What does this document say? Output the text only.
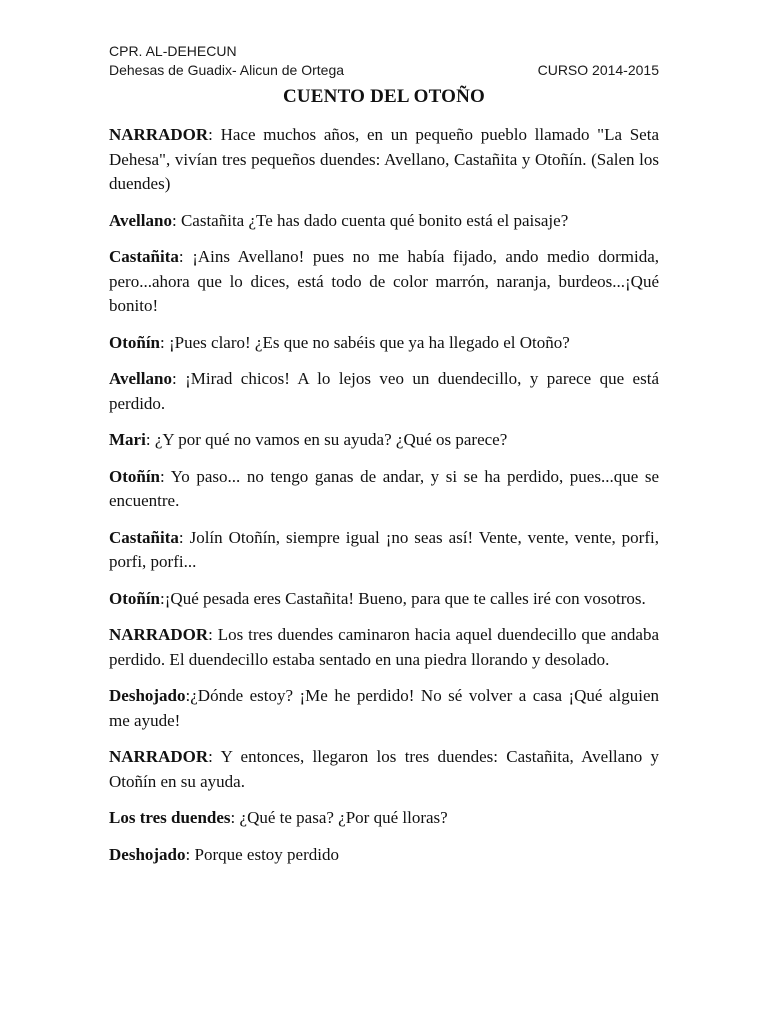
CPR. AL-DEHECUN
Dehesas de Guadix- Alicun de Ortega	CURSO 2014-2015
CUENTO DEL OTOÑO

NARRADOR: Hace muchos años, en un pequeño pueblo llamado "La Seta Dehesa", vivían tres pequeños duendes: Avellano, Castañita y Otoñín. (Salen los duendes)

Avellano: Castañita ¿Te has dado cuenta qué bonito está el paisaje?

Castañita: ¡Ains Avellano! pues no me había fijado, ando medio dormida, pero...ahora que lo dices, está todo de color marrón, naranja, burdeos...¡Qué bonito!

Otoñín: ¡Pues claro! ¿Es que no sabéis que ya ha llegado el Otoño?

Avellano: ¡Mirad chicos! A lo lejos veo un duendecillo, y parece que está perdido.

Mari: ¿Y por qué no vamos en su ayuda? ¿Qué os parece?

Otoñín: Yo paso... no tengo ganas de andar, y si se ha perdido, pues...que se encuentre.

Castañita: Jolín Otoñín, siempre igual ¡no seas así! Vente, vente, vente, porfi, porfi, porfi...

Otoñín:¡Qué pesada eres Castañita! Bueno, para que te calles iré con vosotros.

NARRADOR: Los tres duendes caminaron hacia aquel duendecillo que andaba perdido. El duendecillo estaba sentado en una piedra llorando y desolado.

Deshojado:¿Dónde estoy? ¡Me he perdido! No sé volver a casa ¡Qué alguien me ayude!

NARRADOR: Y entonces, llegaron los tres duendes: Castañita, Avellano y Otoñín en su ayuda.

Los tres duendes: ¿Qué te pasa? ¿Por qué lloras?

Deshojado: Porque estoy perdido
